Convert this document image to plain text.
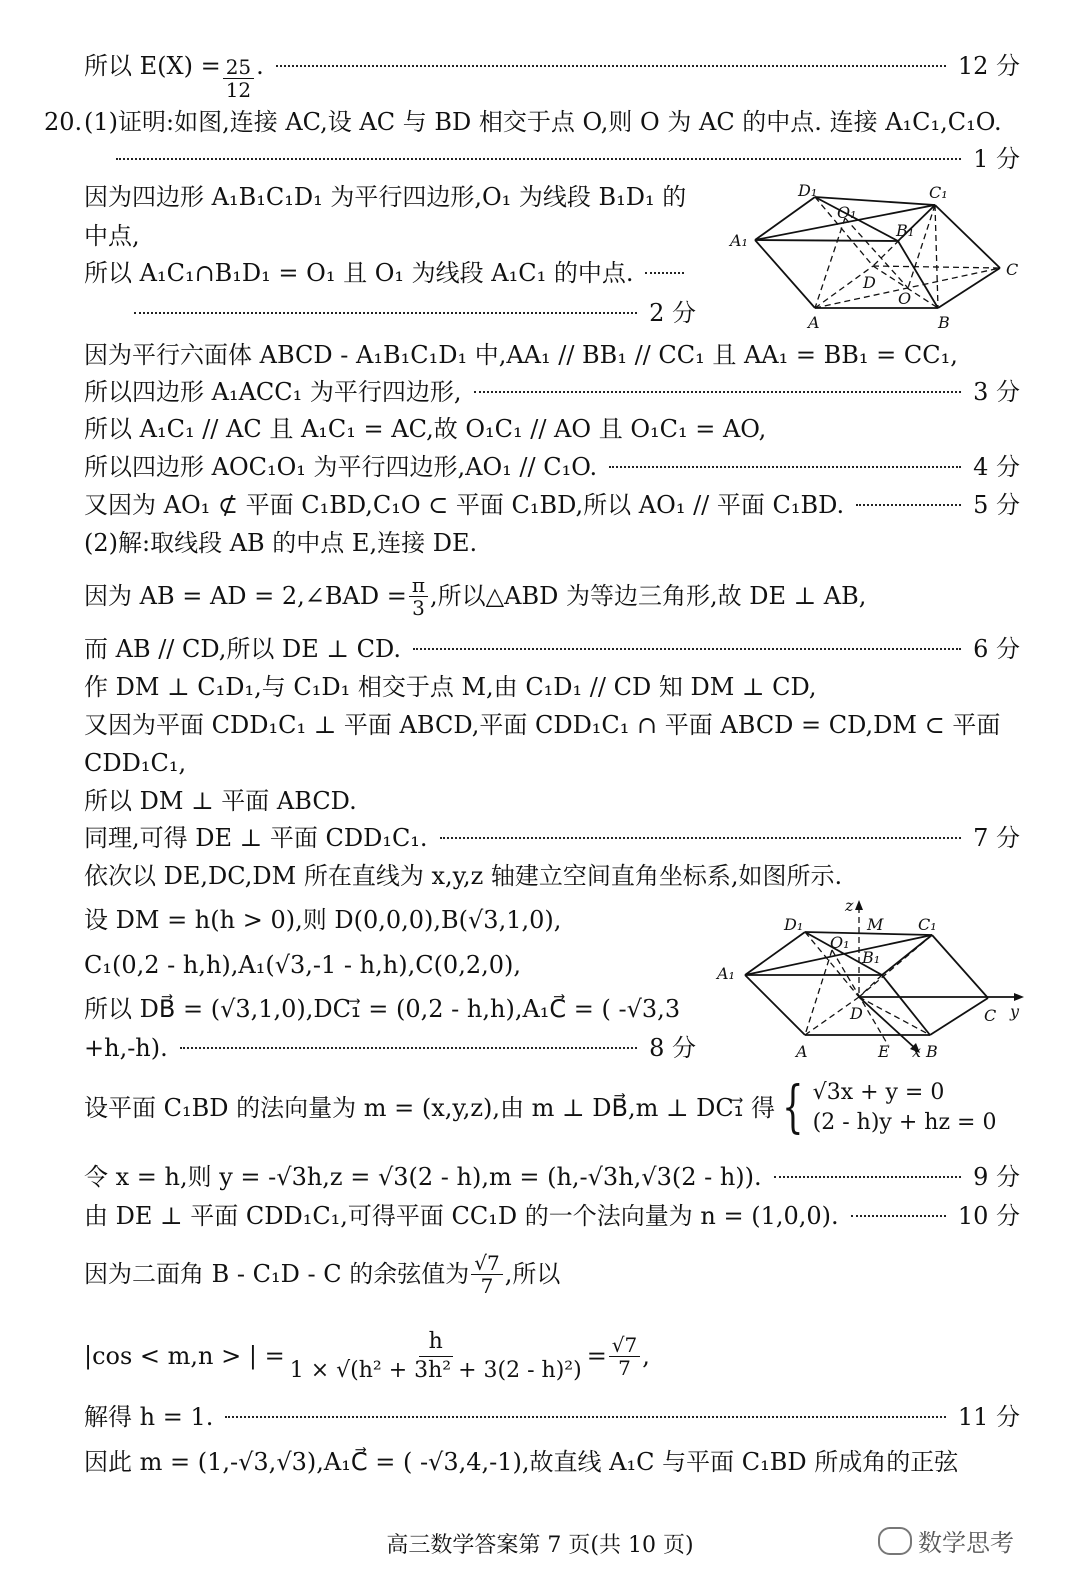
所以 $E(X) = \frac{25}{12}$ .	12 分
20. (1)证明:如图,连接 AC,设 AC 与 BD 相交于点 O,则 O 为 AC 的中点. 连接 A₁C₁,C₁O.
1 分
因为四边形 A₁B₁C₁D₁ 为平行四边形,O₁ 为线段 B₁D₁ 的
中点,
所以 A₁C₁∩B₁D₁ = O₁ 且 O₁ 为线段 A₁C₁ 的中点.
2 分
D₁	C₁
O₁
B₁
A₁
C
D
O
A	B
因为平行六面体 ABCD - A₁B₁C₁D₁ 中,AA₁ // BB₁ // CC₁ 且 AA₁ = BB₁ = CC₁,
所以四边形 A₁ACC₁ 为平行四边形,	3 分
所以 A₁C₁ // AC 且 A₁C₁ = AC,故 O₁C₁ // AO 且 O₁C₁ = AO,
所以四边形 AOC₁O₁ 为平行四边形,AO₁ // C₁O.	4 分
又因为 AO₁ ⊄ 平面 C₁BD,C₁O ⊂ 平面 C₁BD,所以 AO₁ // 平面 C₁BD.	5 分
(2)解:取线段 AB 的中点 E,连接 DE.
因为 AB = AD = 2,∠BAD = $\frac{\pi}{3}$ ,所以△ABD 为等边三角形,故 DE ⊥ AB,
而 AB // CD,所以 DE ⊥ CD.	6 分
作 DM ⊥ C₁D₁,与 C₁D₁ 相交于点 M,由 C₁D₁ // CD 知 DM ⊥ CD,
又因为平面 CDD₁C₁ ⊥ 平面 ABCD,平面 CDD₁C₁ ∩ 平面 ABCD = CD,DM ⊂ 平面
CDD₁C₁,
所以 DM ⊥ 平面 ABCD.
同理,可得 DE ⊥ 平面 CDD₁C₁.	7 分
依次以 DE,DC,DM 所在直线为 x,y,z 轴建立空间直角坐标系,如图所示.
设 DM = h(h > 0),则 D(0,0,0),B(√3,1,0),
C₁(0,2 - h,h),A₁(√3,-1 - h,h),C(0,2,0),
所以 DB⃗ = (√3,1,0),DC₁⃗ = (0,2 - h,h),A₁C⃗ = ( -√3,3
+h,-h).	8 分
z
D₁	M C₁
O₁
B₁
A₁
y
C
D
A	E x B
设平面 C₁BD 的法向量为 m = (x,y,z),由 m ⊥ DB⃗,m ⊥ DC₁⃗ 得 { √3x + y = 0
(2 - h)y + hz = 0
令 x = h,则 y = -√3h,z = √3(2 - h),m = (h,-√3h,√3(2 - h)).	9 分
由 DE ⊥ 平面 CDD₁C₁,可得平面 CC₁D 的一个法向量为 n = (1,0,0).	10 分
因为二面角 B - C₁D - C 的余弦值为 $\frac{√7}{7}$ ,所以
|cos < m,n > | = $\frac{h}{\text{1 × √(h² + 3h² + 3(2 - h)²)}} = \frac{√7}{7}$ ,
解得 h = 1.	11 分
因此 m = (1,-√3,√3),A₁C⃗ = ( -√3,4,-1),故直线 A₁C 与平面 C₁BD 所成角的正弦
高三数学答案第 7 页(共 10 页)	数学思考
